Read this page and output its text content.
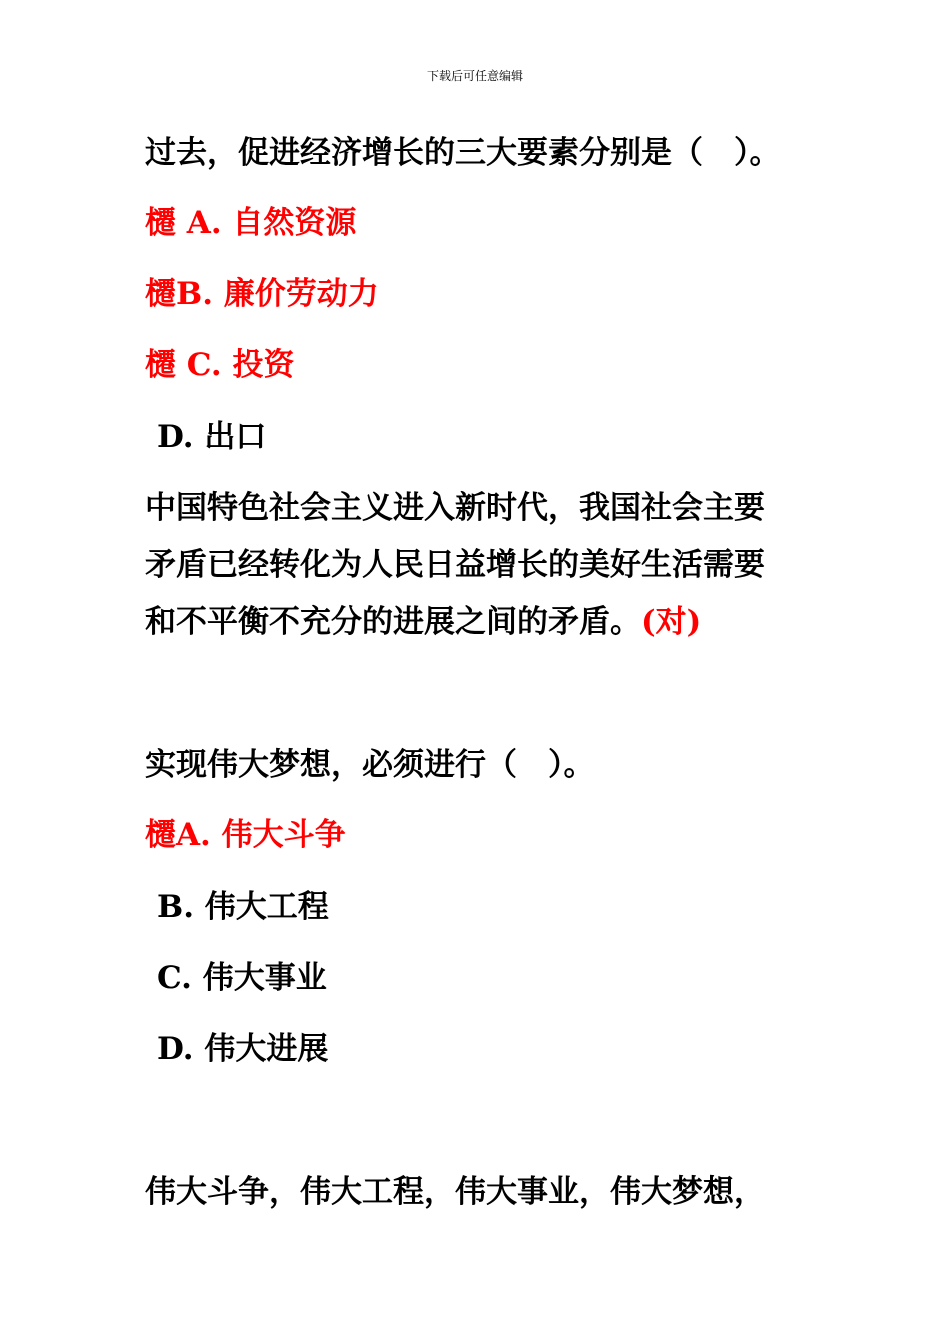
下载后可任意编辑
过去，促进经济增长的三大要素分别是（　）。
櫏 A. 自然资源
櫏B. 廉价劳动力
櫏 C. 投资
D. 出口
中国特色社会主义进入新时代，我国社会主要
矛盾已经转化为人民日益增长的美好生活需要
和不平衡不充分的进展之间的矛盾。(对)
实现伟大梦想，必须进行（　）。
櫏A. 伟大斗争
B. 伟大工程
C. 伟大事业
D. 伟大进展
伟大斗争，伟大工程，伟大事业，伟大梦想，
